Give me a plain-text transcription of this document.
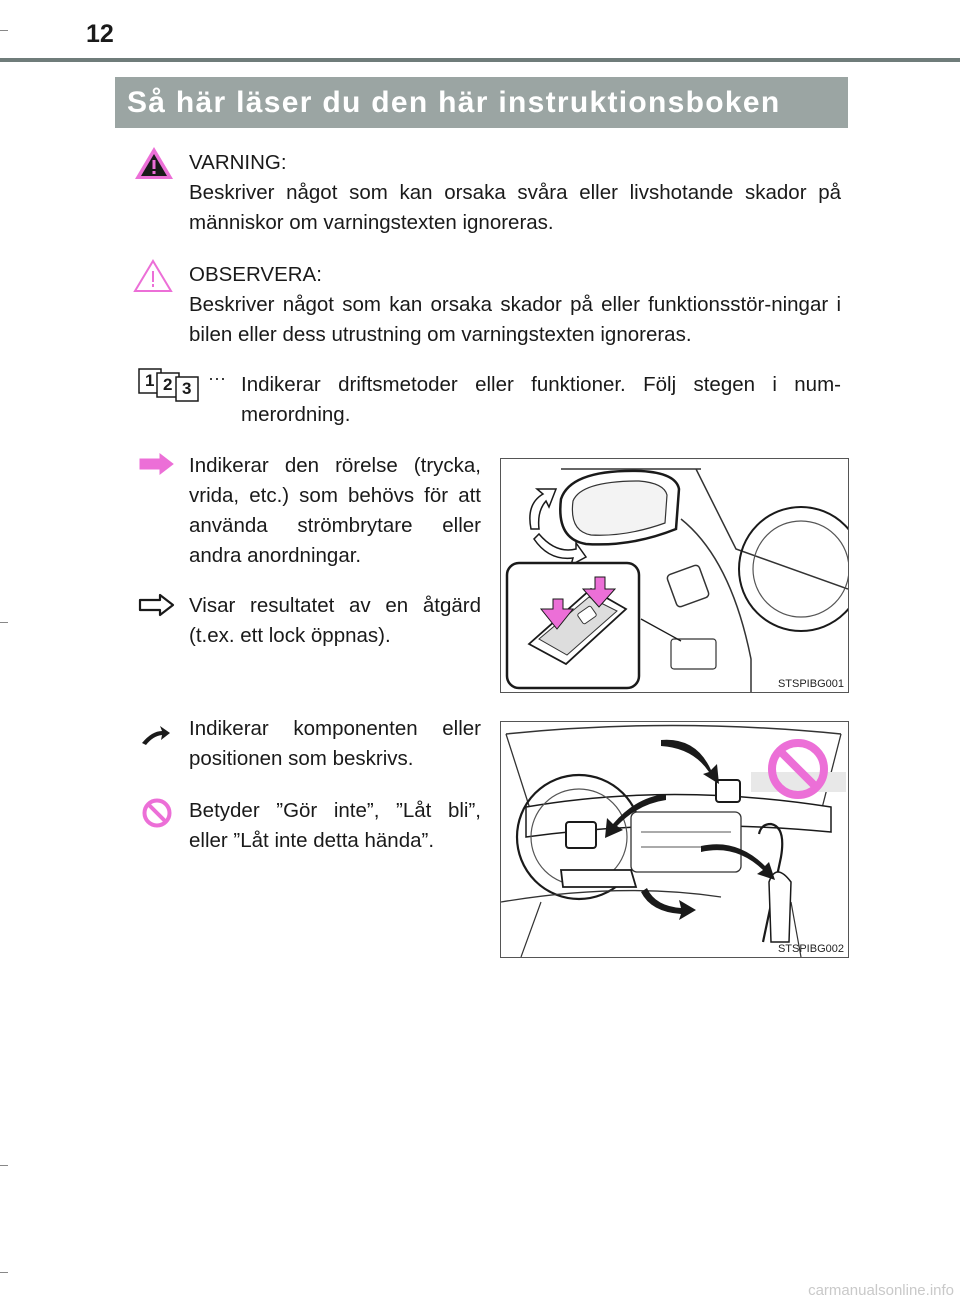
12
Så här läser du den här instruktionsboken
VARNING:
Beskriver något som kan orsaka svåra eller livshotande skador på människor om varningstexten ignoreras.
OBSERVERA:
Beskriver något som kan orsaka skador på eller funktionsstör-ningar i bilen eller dess utrustning om varningstexten ignoreras.
1 2 3
··· Indikerar driftsmetoder eller funktioner. Följ stegen i num-merordning.
Indikerar den rörelse (trycka, vrida, etc.) som behövs för att använda strömbrytare eller andra anordningar.
Visar resultatet av en åtgärd (t.ex. ett lock öppnas).
STSPIBG001
Indikerar komponenten eller positionen som beskrivs.
Betyder ”Gör inte”, ”Låt bli”, eller ”Låt inte detta hända”.
STSPIBG002
carmanualsonline.info
